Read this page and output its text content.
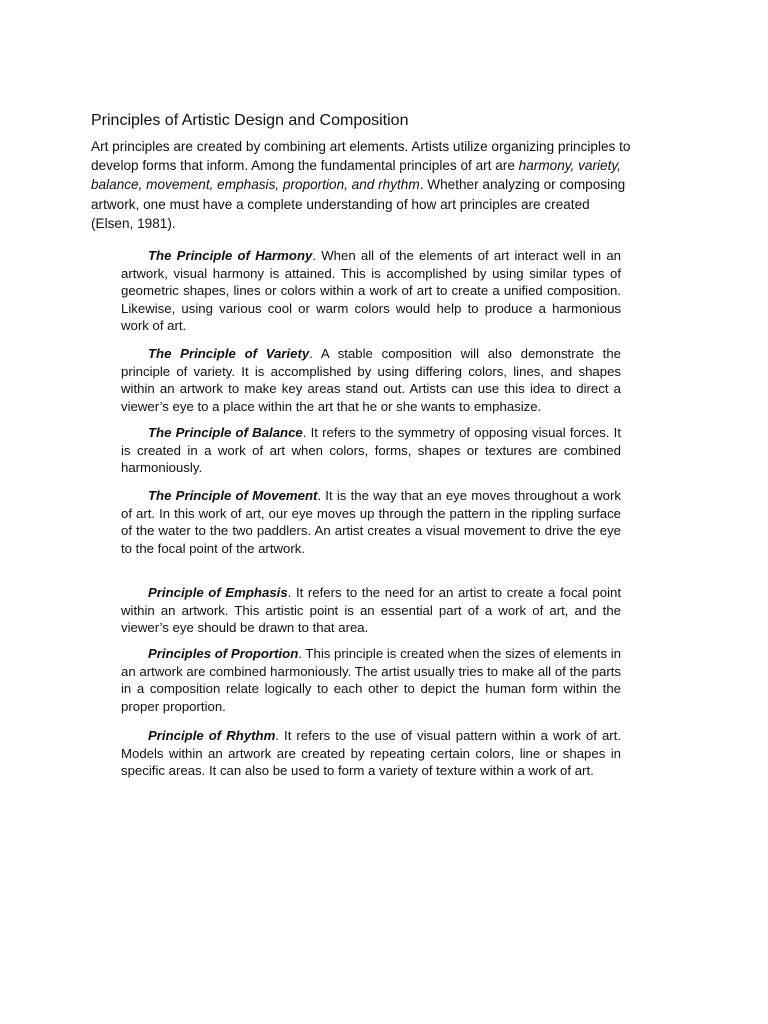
Principles of Artistic Design and Composition

Art principles are created by combining art elements. Artists utilize organizing principles to develop forms that inform. Among the fundamental principles of art are harmony, variety, balance, movement, emphasis, proportion, and rhythm. Whether analyzing or composing artwork, one must have a complete understanding of how art principles are created (Elsen, 1981).

The Principle of Harmony. When all of the elements of art interact well in an artwork, visual harmony is attained. This is accomplished by using similar types of geometric shapes, lines or colors within a work of art to create a unified composition. Likewise, using various cool or warm colors would help to produce a harmonious work of art.

The Principle of Variety. A stable composition will also demonstrate the principle of variety. It is accomplished by using differing colors, lines, and shapes within an artwork to make key areas stand out. Artists can use this idea to direct a viewer’s eye to a place within the art that he or she wants to emphasize.

The Principle of Balance. It refers to the symmetry of opposing visual forces. It is created in a work of art when colors, forms, shapes or textures are combined harmoniously.

The Principle of Movement. It is the way that an eye moves throughout a work of art. In this work of art, our eye moves up through the pattern in the rippling surface of the water to the two paddlers. An artist creates a visual movement to drive the eye to the focal point of the artwork.

Principle of Emphasis. It refers to the need for an artist to create a focal point within an artwork. This artistic point is an essential part of a work of art, and the viewer’s eye should be drawn to that area.

Principles of Proportion. This principle is created when the sizes of elements in an artwork are combined harmoniously. The artist usually tries to make all of the parts in a composition relate logically to each other to depict the human form within the proper proportion.

Principle of Rhythm. It refers to the use of visual pattern within a work of art. Models within an artwork are created by repeating certain colors, line or shapes in specific areas. It can also be used to form a variety of texture within a work of art.
